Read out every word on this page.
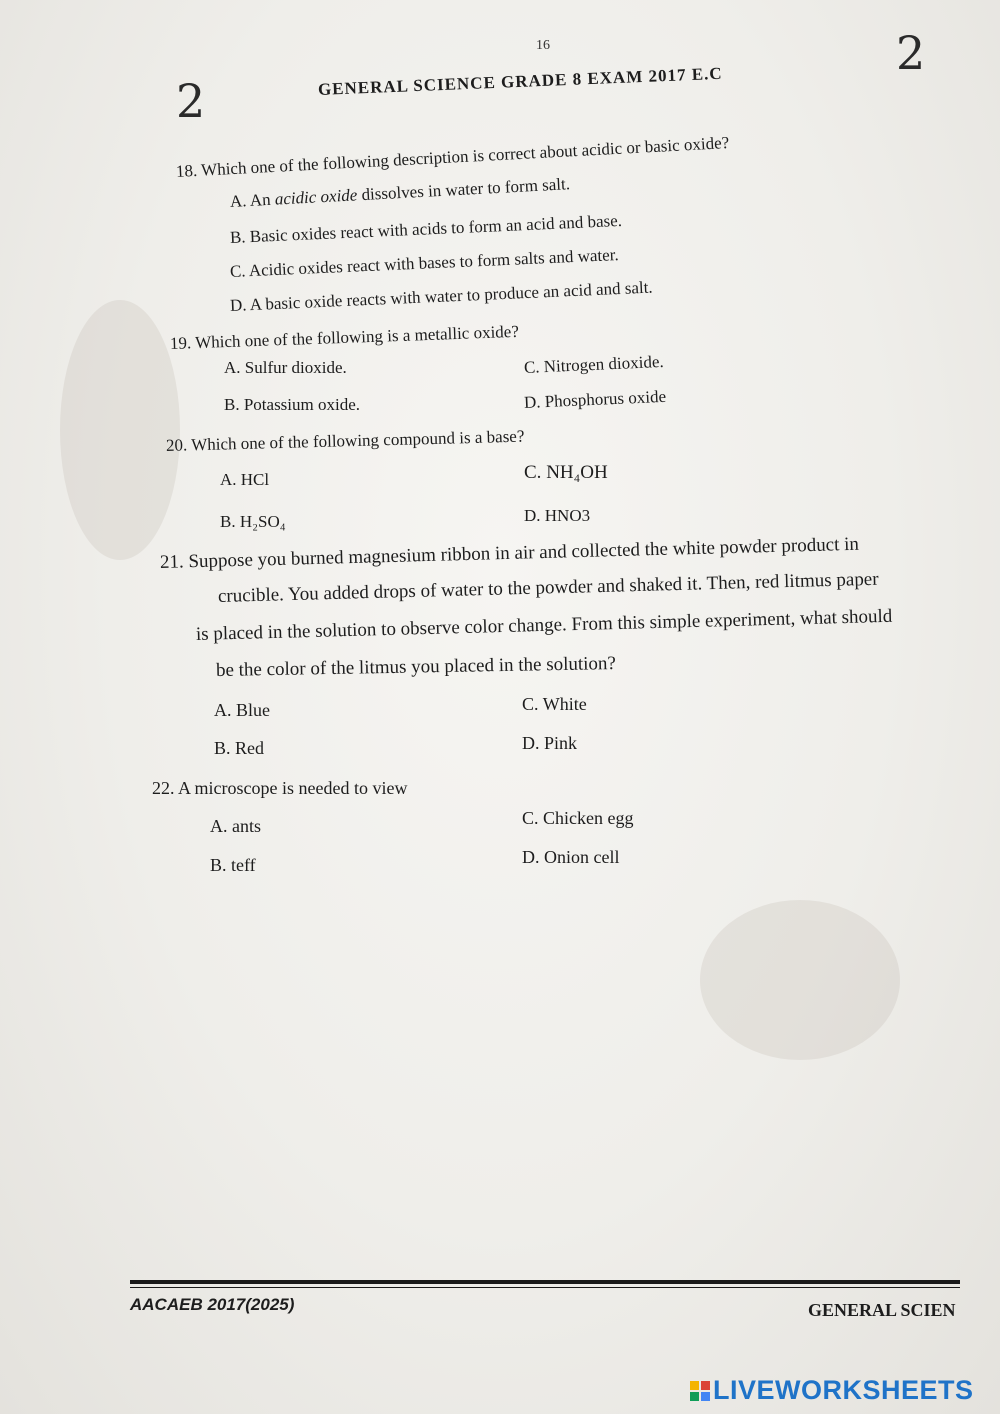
16
2
2
GENERAL SCIENCE GRADE 8 EXAM 2017 E.C
18. Which one of the following description is correct about acidic or basic oxide?
A. An acidic oxide dissolves in water to form salt.
B. Basic oxides react with acids to form an acid and base.
C. Acidic oxides react with bases to form salts and water.
D. A basic oxide reacts with water to produce an acid and salt.
19. Which one of the following is a metallic oxide?
A. Sulfur dioxide.
B. Potassium oxide.
C. Nitrogen dioxide.
D. Phosphorus oxide
20. Which one of the following compound is a base?
A. HCl
B. H₂SO₄
C. NH₄OH
D. HNO3
21. Suppose you burned magnesium ribbon in air and collected the white powder product in
crucible. You added drops of water to the powder and shaked it. Then, red litmus paper
is placed in the solution to observe color change. From this simple experiment, what should
be the color of the litmus you placed in the solution?
A. Blue
B. Red
C. White
D. Pink
22. A microscope is needed to view
A. ants
B. teff
C. Chicken egg
D. Onion cell
AACAEB 2017(2025)	GENERAL SCIEN
LIVEWORKSHEETS
